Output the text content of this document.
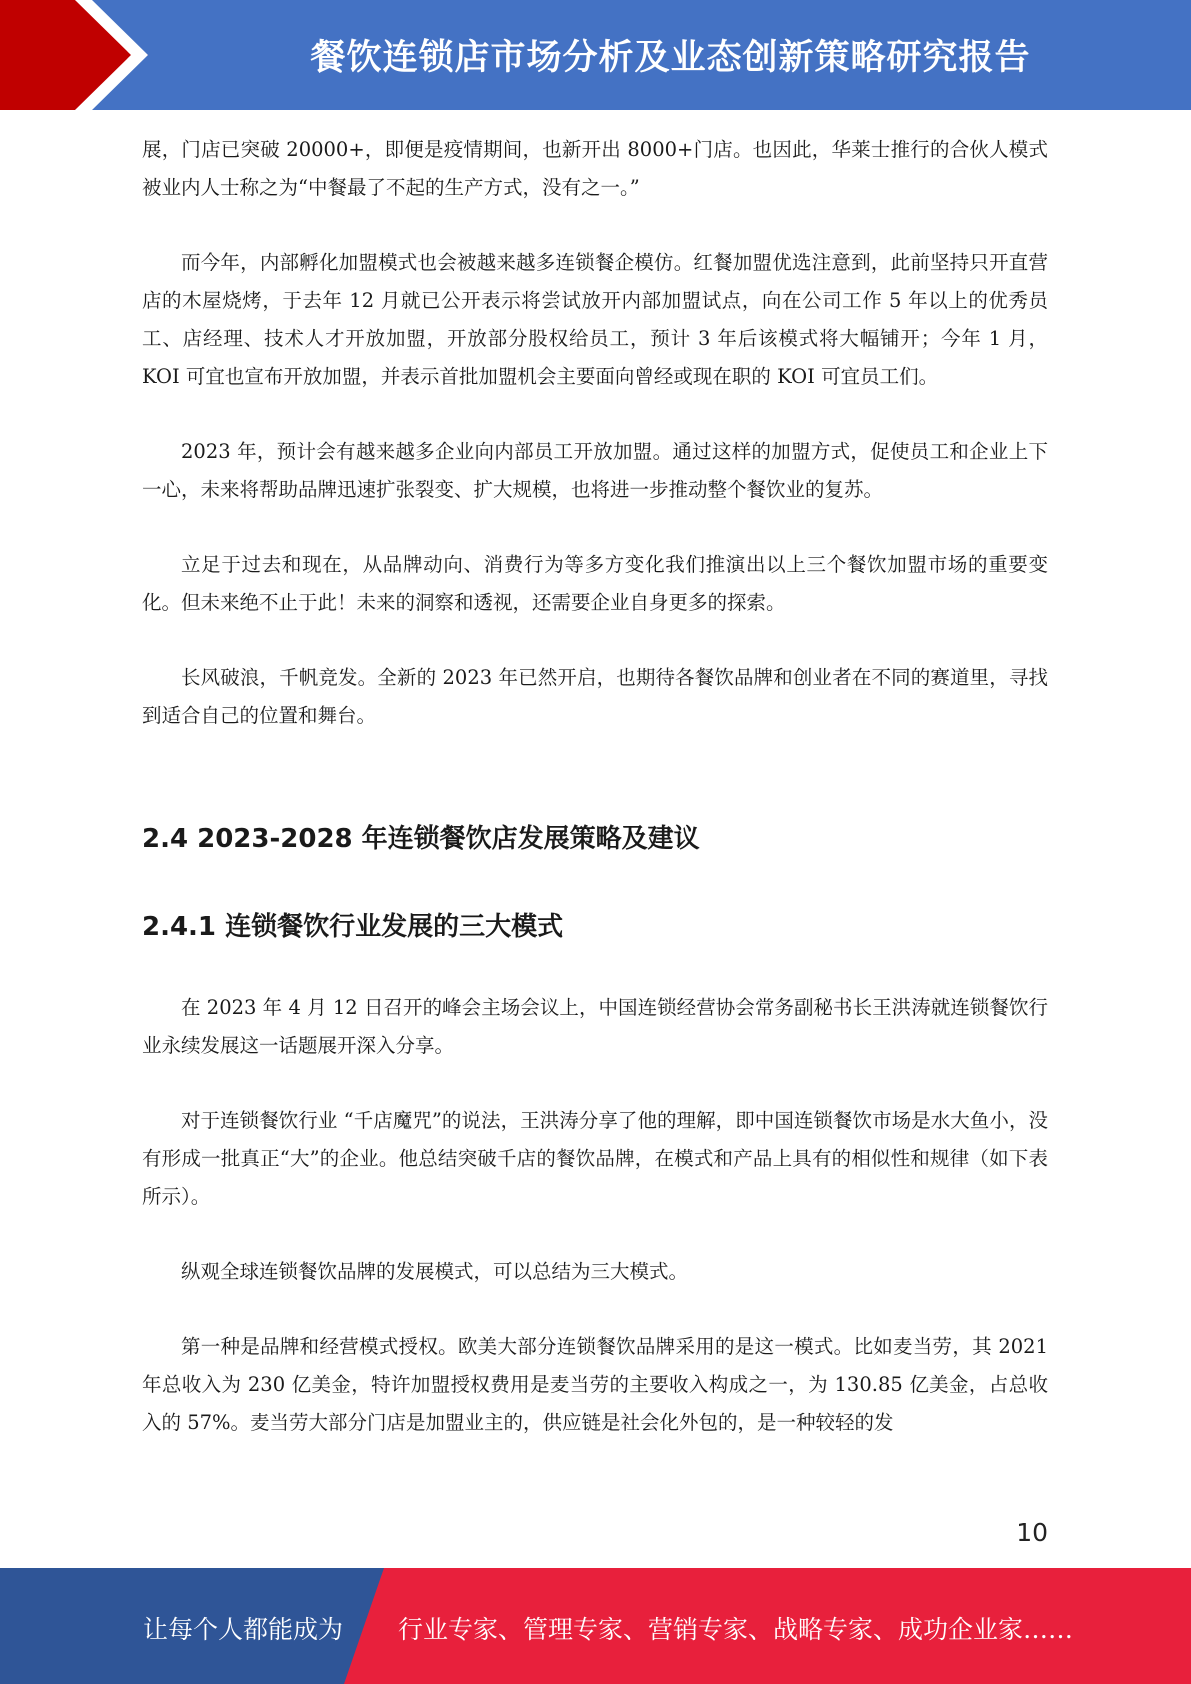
餐饮连锁店市场分析及业态创新策略研究报告

展，门店已突破 20000+，即便是疫情期间，也新开出 8000+门店。也因此，华莱士推行的合伙人模式被业内人士称之为“中餐最了不起的生产方式，没有之一。”

而今年，内部孵化加盟模式也会被越来越多连锁餐企模仿。红餐加盟优选注意到，此前坚持只开直营店的木屋烧烤，于去年 12 月就已公开表示将尝试放开内部加盟试点，向在公司工作 5 年以上的优秀员工、店经理、技术人才开放加盟，开放部分股权给员工，预计 3 年后该模式将大幅铺开；今年 1 月，KOI 可宜也宣布开放加盟，并表示首批加盟机会主要面向曾经或现在职的 KOI 可宜员工们。

2023 年，预计会有越来越多企业向内部员工开放加盟。通过这样的加盟方式，促使员工和企业上下一心，未来将帮助品牌迅速扩张裂变、扩大规模，也将进一步推动整个餐饮业的复苏。

立足于过去和现在，从品牌动向、消费行为等多方变化我们推演出以上三个餐饮加盟市场的重要变化。但未来绝不止于此！未来的洞察和透视，还需要企业自身更多的探索。

长风破浪，千帆竞发。全新的 2023 年已然开启，也期待各餐饮品牌和创业者在不同的赛道里，寻找到适合自己的位置和舞台。

2.4 2023-2028 年连锁餐饮店发展策略及建议
2.4.1 连锁餐饮行业发展的三大模式

在 2023 年 4 月 12 日召开的峰会主场会议上，中国连锁经营协会常务副秘书长王洪涛就连锁餐饮行业永续发展这一话题展开深入分享。

对于连锁餐饮行业 “千店魔咒”的说法，王洪涛分享了他的理解，即中国连锁餐饮市场是水大鱼小，没有形成一批真正“大”的企业。他总结突破千店的餐饮品牌，在模式和产品上具有的相似性和规律（如下表所示）。

纵观全球连锁餐饮品牌的发展模式，可以总结为三大模式。

第一种是品牌和经营模式授权。欧美大部分连锁餐饮品牌采用的是这一模式。比如麦当劳，其 2021 年总收入为 230 亿美金，特许加盟授权费用是麦当劳的主要收入构成之一，为 130.85 亿美金，占总收入的 57%。麦当劳大部分门店是加盟业主的，供应链是社会化外包的，是一种较轻的发

10
让每个人都能成为 行业专家、管理专家、营销专家、战略专家、成功企业家……
